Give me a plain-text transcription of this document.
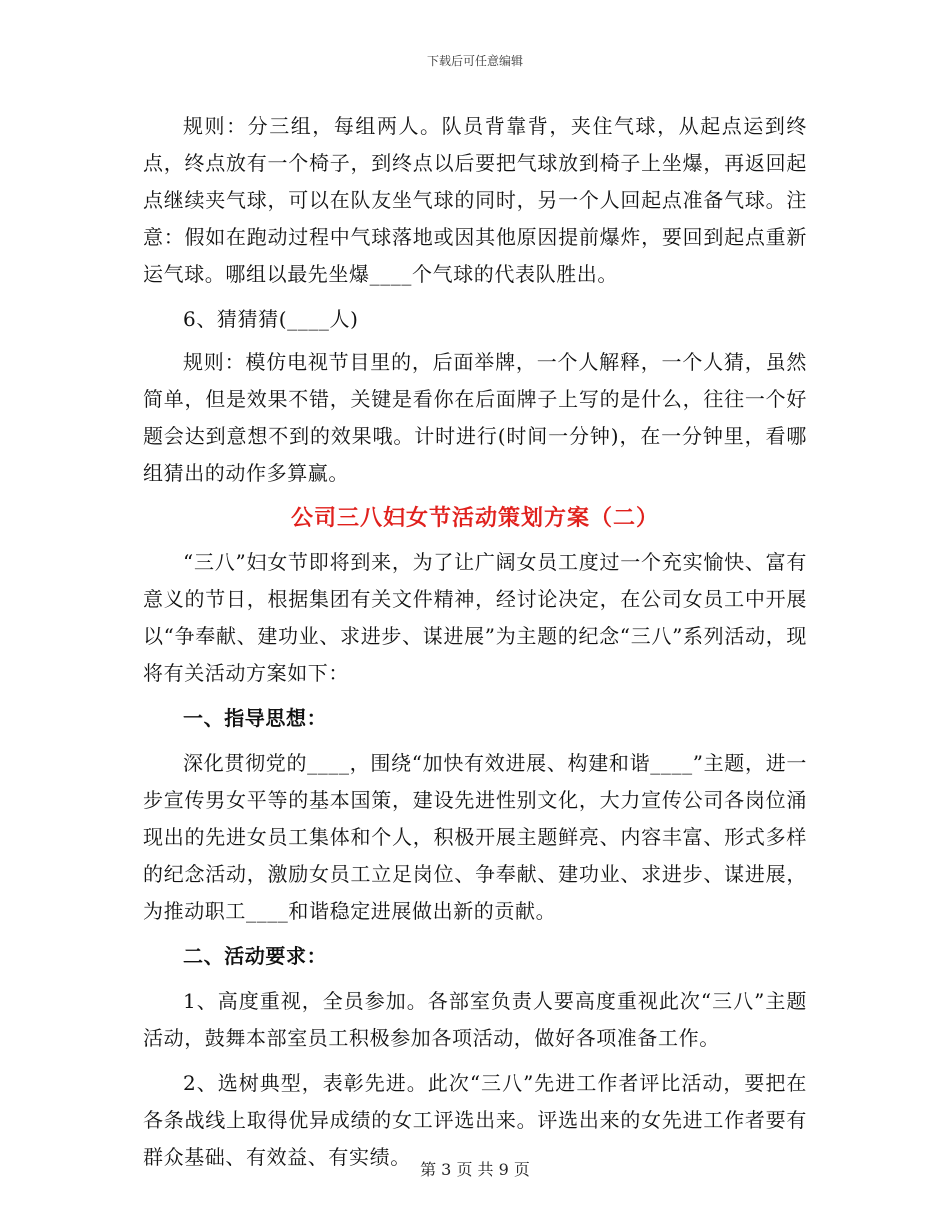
下载后可任意编辑

规则：分三组，每组两人。队员背靠背，夹住气球，从起点运到终点，终点放有一个椅子，到终点以后要把气球放到椅子上坐爆，再返回起点继续夹气球，可以在队友坐气球的同时，另一个人回起点准备气球。注意：假如在跑动过程中气球落地或因其他原因提前爆炸，要回到起点重新运气球。哪组以最先坐爆____个气球的代表队胜出。

6、猜猜猜(____人)

规则：模仿电视节目里的，后面举牌，一个人解释，一个人猜，虽然简单，但是效果不错，关键是看你在后面牌子上写的是什么，往往一个好题会达到意想不到的效果哦。计时进行(时间一分钟)，在一分钟里，看哪组猜出的动作多算赢。

公司三八妇女节活动策划方案（二）

“三八”妇女节即将到来，为了让广阔女员工度过一个充实愉快、富有意义的节日，根据集团有关文件精神，经讨论决定，在公司女员工中开展以“争奉献、建功业、求进步、谋进展”为主题的纪念“三八”系列活动，现将有关活动方案如下：

一、指导思想：

深化贯彻党的____，围绕“加快有效进展、构建和谐____”主题，进一步宣传男女平等的基本国策，建设先进性别文化，大力宣传公司各岗位涌现出的先进女员工集体和个人，积极开展主题鲜亮、内容丰富、形式多样的纪念活动，激励女员工立足岗位、争奉献、建功业、求进步、谋进展，为推动职工____和谐稳定进展做出新的贡献。

二、活动要求：

1、高度重视，全员参加。各部室负责人要高度重视此次“三八”主题活动，鼓舞本部室员工积极参加各项活动，做好各项准备工作。

2、选树典型，表彰先进。此次“三八”先进工作者评比活动，要把在各条战线上取得优异成绩的女工评选出来。评选出来的女先进工作者要有群众基础、有效益、有实绩。

第 3 页 共 9 页
